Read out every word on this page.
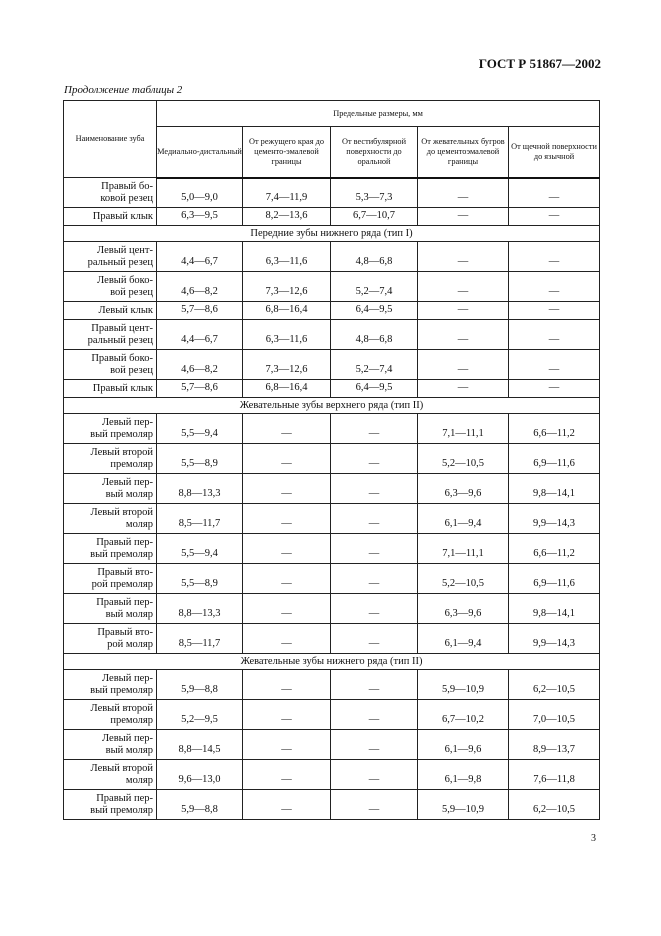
ГОСТ Р 51867—2002
Продолжение таблицы 2
Наименование зуба	Предельные размеры, мм				
	Медиально-дистальный	От режущего края до цементо-эмалевой границы	От вестибулярной поверхности до оральной	От жевательных бугров до цементоэмалевой границы	От щечной поверхности до язычной

Правый бо-
ковой резец	5,0—9,0	7,4—11,9	5,3—7,3	—	—

Правый клык	6,3—9,5	8,2—13,6	6,7—10,7	—	—
Передние зубы нижнего ряда (тип I)					

Левый цент-
ральный резец	4,4—6,7	6,3—11,6	4,8—6,8	—	—

Левый боко-
вой резец	4,6—8,2	7,3—12,6	5,2—7,4	—	—

Левый клык	5,7—8,6	6,8—16,4	6,4—9,5	—	—

Правый цент-
ральный резец	4,4—6,7	6,3—11,6	4,8—6,8	—	—

Правый боко-
вой резец	4,6—8,2	7,3—12,6	5,2—7,4	—	—

Правый клык	5,7—8,6	6,8—16,4	6,4—9,5	—	—
Жевательные зубы верхнего ряда (тип II)					

Левый пер-
вый премоляр	5,5—9,4	—	—	7,1—11,1	6,6—11,2

Левый второй
премоляр	5,5—8,9	—	—	5,2—10,5	6,9—11,6

Левый пер-
вый моляр	8,8—13,3	—	—	6,3—9,6	9,8—14,1

Левый второй
моляр	8,5—11,7	—	—	6,1—9,4	9,9—14,3

Правый пер-
вый премоляр	5,5—9,4	—	—	7,1—11,1	6,6—11,2

Правый вто-
рой премоляр	5,5—8,9	—	—	5,2—10,5	6,9—11,6

Правый пер-
вый моляр	8,8—13,3	—	—	6,3—9,6	9,8—14,1

Правый вто-
рой моляр	8,5—11,7	—	—	6,1—9,4	9,9—14,3
Жевательные зубы нижнего ряда (тип II)					

Левый пер-
вый премоляр	5,9—8,8	—	—	5,9—10,9	6,2—10,5

Левый второй
премоляр	5,2—9,5	—	—	6,7—10,2	7,0—10,5

Левый пер-
вый моляр	8,8—14,5	—	—	6,1—9,6	8,9—13,7

Левый второй
моляр	9,6—13,0	—	—	6,1—9,8	7,6—11,8

Правый пер-
вый премоляр	5,9—8,8	—	—	5,9—10,9	6,2—10,5
3
